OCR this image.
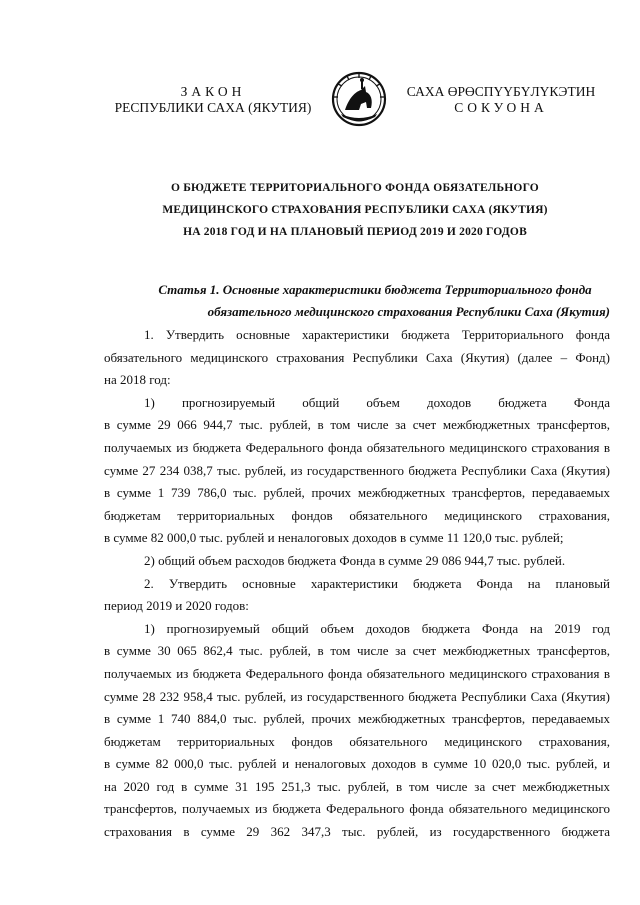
ЗАКОН
РЕСПУБЛИКИ САХА (ЯКУТИЯ)
САХА ӨРӨСПҮҮБҮЛҮКЭТИН
СОКУОНА
О БЮДЖЕТЕ ТЕРРИТОРИАЛЬНОГО ФОНДА ОБЯЗАТЕЛЬНОГО
МЕДИЦИНСКОГО СТРАХОВАНИЯ РЕСПУБЛИКИ САХА (ЯКУТИЯ)
НА 2018 ГОД И НА ПЛАНОВЫЙ ПЕРИОД 2019 И 2020 ГОДОВ
Статья 1. Основные характеристики бюджета Территориального фонда
обязательного медицинского страхования Республики Саха (Якутия)
1. Утвердить основные характеристики бюджета Территориального фонда
обязательного медицинского страхования Республики Саха (Якутия) (далее – Фонд)
на 2018 год:
1) прогнозируемый общий объем доходов бюджета Фонда
в сумме 29 066 944,7 тыс. рублей, в том числе за счет межбюджетных трансфертов,
получаемых из бюджета Федерального фонда обязательного медицинского страхования в
сумме 27 234 038,7 тыс. рублей, из государственного бюджета Республики Саха (Якутия)
в сумме 1 739 786,0 тыс. рублей, прочих межбюджетных трансфертов, передаваемых
бюджетам территориальных фондов обязательного медицинского страхования,
в сумме 82 000,0 тыс. рублей и неналоговых доходов в сумме 11 120,0 тыс. рублей;
2) общий объем расходов бюджета Фонда в сумме 29 086 944,7 тыс. рублей.
2. Утвердить основные характеристики бюджета Фонда на плановый
период 2019 и 2020 годов:
1) прогнозируемый общий объем доходов бюджета Фонда на 2019 год
в сумме 30 065 862,4 тыс. рублей, в том числе за счет межбюджетных трансфертов,
получаемых из бюджета Федерального фонда обязательного медицинского страхования в
сумме 28 232 958,4 тыс. рублей, из государственного бюджета Республики Саха (Якутия)
в сумме 1 740 884,0 тыс. рублей, прочих межбюджетных трансфертов, передаваемых
бюджетам территориальных фондов обязательного медицинского страхования,
в сумме 82 000,0 тыс. рублей и неналоговых доходов в сумме 10 020,0 тыс. рублей, и
на 2020 год в сумме 31 195 251,3 тыс. рублей, в том числе за счет межбюджетных
трансфертов, получаемых из бюджета Федерального фонда обязательного медицинского
страхования в сумме 29 362 347,3 тыс. рублей, из государственного бюджета
